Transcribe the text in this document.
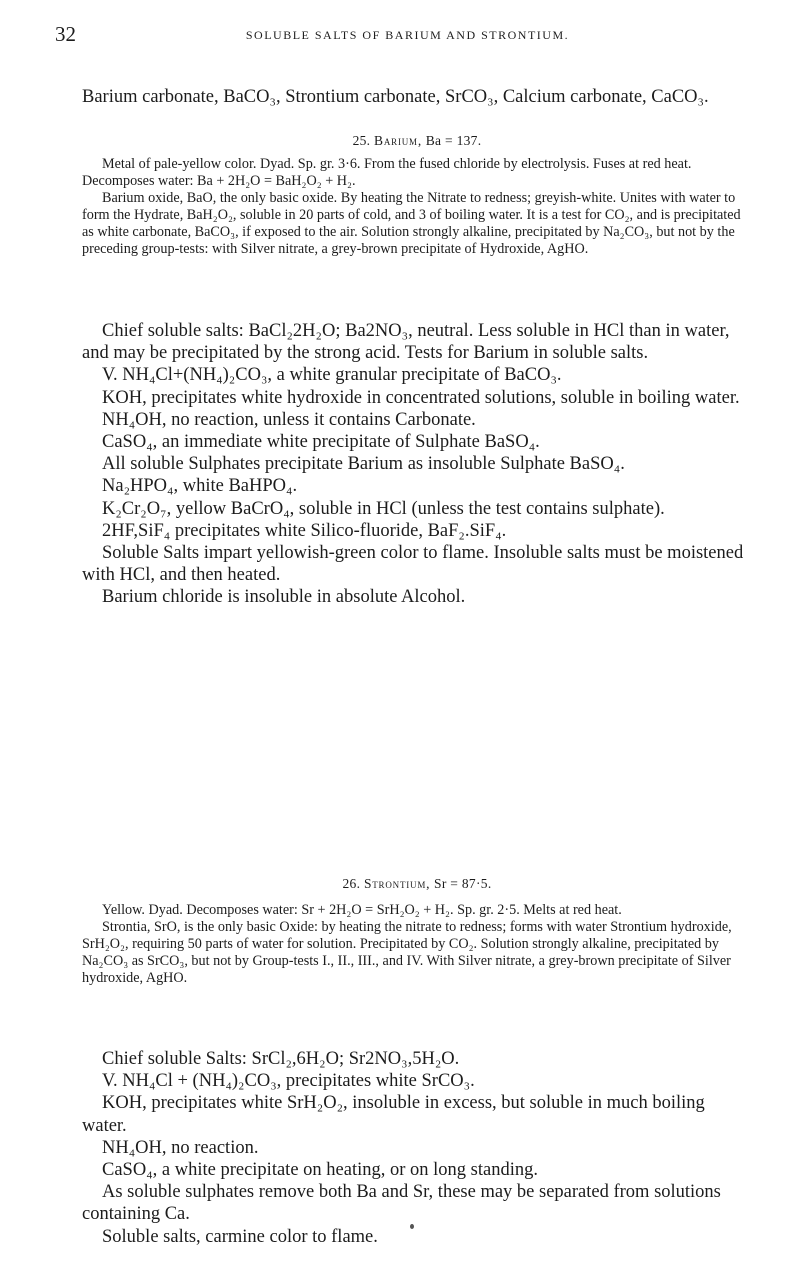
32	SOLUBLE SALTS OF BARIUM AND STRONTIUM.

Barium carbonate, BaCO₃, Strontium carbonate, SrCO₃, Calcium carbonate, CaCO₃.

25. Barium, Ba = 137.

Metal of pale-yellow color. Dyad. Sp. gr. 3·6. From the fused chloride by electrolysis. Fuses at red heat. Decomposes water: Ba + 2H₂O = BaH₂O₂ + H₂.

Barium oxide, BaO, the only basic oxide. By heating the Nitrate to redness; greyish-white. Unites with water to form the Hydrate, BaH₂O₂, soluble in 20 parts of cold, and 3 of boiling water. It is a test for CO₂, and is precipitated as white carbonate, BaCO₃, if exposed to the air. Solution strongly alkaline, precipitated by Na₂CO₃, but not by the preceding group-tests: with Silver nitrate, a grey-brown precipitate of Hydroxide, AgHO.

Chief soluble salts: BaCl₂2H₂O; Ba2NO₃, neutral. Less soluble in HCl than in water, and may be precipitated by the strong acid. Tests for Barium in soluble salts.

V. NH₄Cl+(NH₄)₂CO₃, a white granular precipitate of BaCO₃.

KOH, precipitates white hydroxide in concentrated solutions, soluble in boiling water.

NH₄OH, no reaction, unless it contains Carbonate.

CaSO₄, an immediate white precipitate of Sulphate BaSO₄.

All soluble Sulphates precipitate Barium as insoluble Sulphate BaSO₄.

Na₂HPO₄, white BaHPO₄.

K₂Cr₂O₇, yellow BaCrO₄, soluble in HCl (unless the test contains sulphate).

2HF,SiF₄ precipitates white Silico-fluoride, BaF₂.SiF₄.

Soluble Salts impart yellowish-green color to flame. Insoluble salts must be moistened with HCl, and then heated.

Barium chloride is insoluble in absolute Alcohol.

26. Strontium, Sr = 87·5.

Yellow. Dyad. Decomposes water: Sr + 2H₂O = SrH₂O₂ + H₂. Sp. gr. 2·5. Melts at red heat.

Strontia, SrO, is the only basic Oxide: by heating the nitrate to redness; forms with water Strontium hydroxide, SrH₂O₂, requiring 50 parts of water for solution. Precipitated by CO₂. Solution strongly alkaline, precipitated by Na₂CO₃ as SrCO₃, but not by Group-tests I., II., III., and IV. With Silver nitrate, a grey-brown precipitate of Silver hydroxide, AgHO.

Chief soluble Salts: SrCl₂,6H₂O; Sr2NO₃,5H₂O.

V. NH₄Cl + (NH₄)₂CO₃, precipitates white SrCO₃.

KOH, precipitates white SrH₂O₂, insoluble in excess, but soluble in much boiling water.

NH₄OH, no reaction.

CaSO₄, a white precipitate on heating, or on long standing.

As soluble sulphates remove both Ba and Sr, these may be separated from solutions containing Ca.

Soluble salts, carmine color to flame.
